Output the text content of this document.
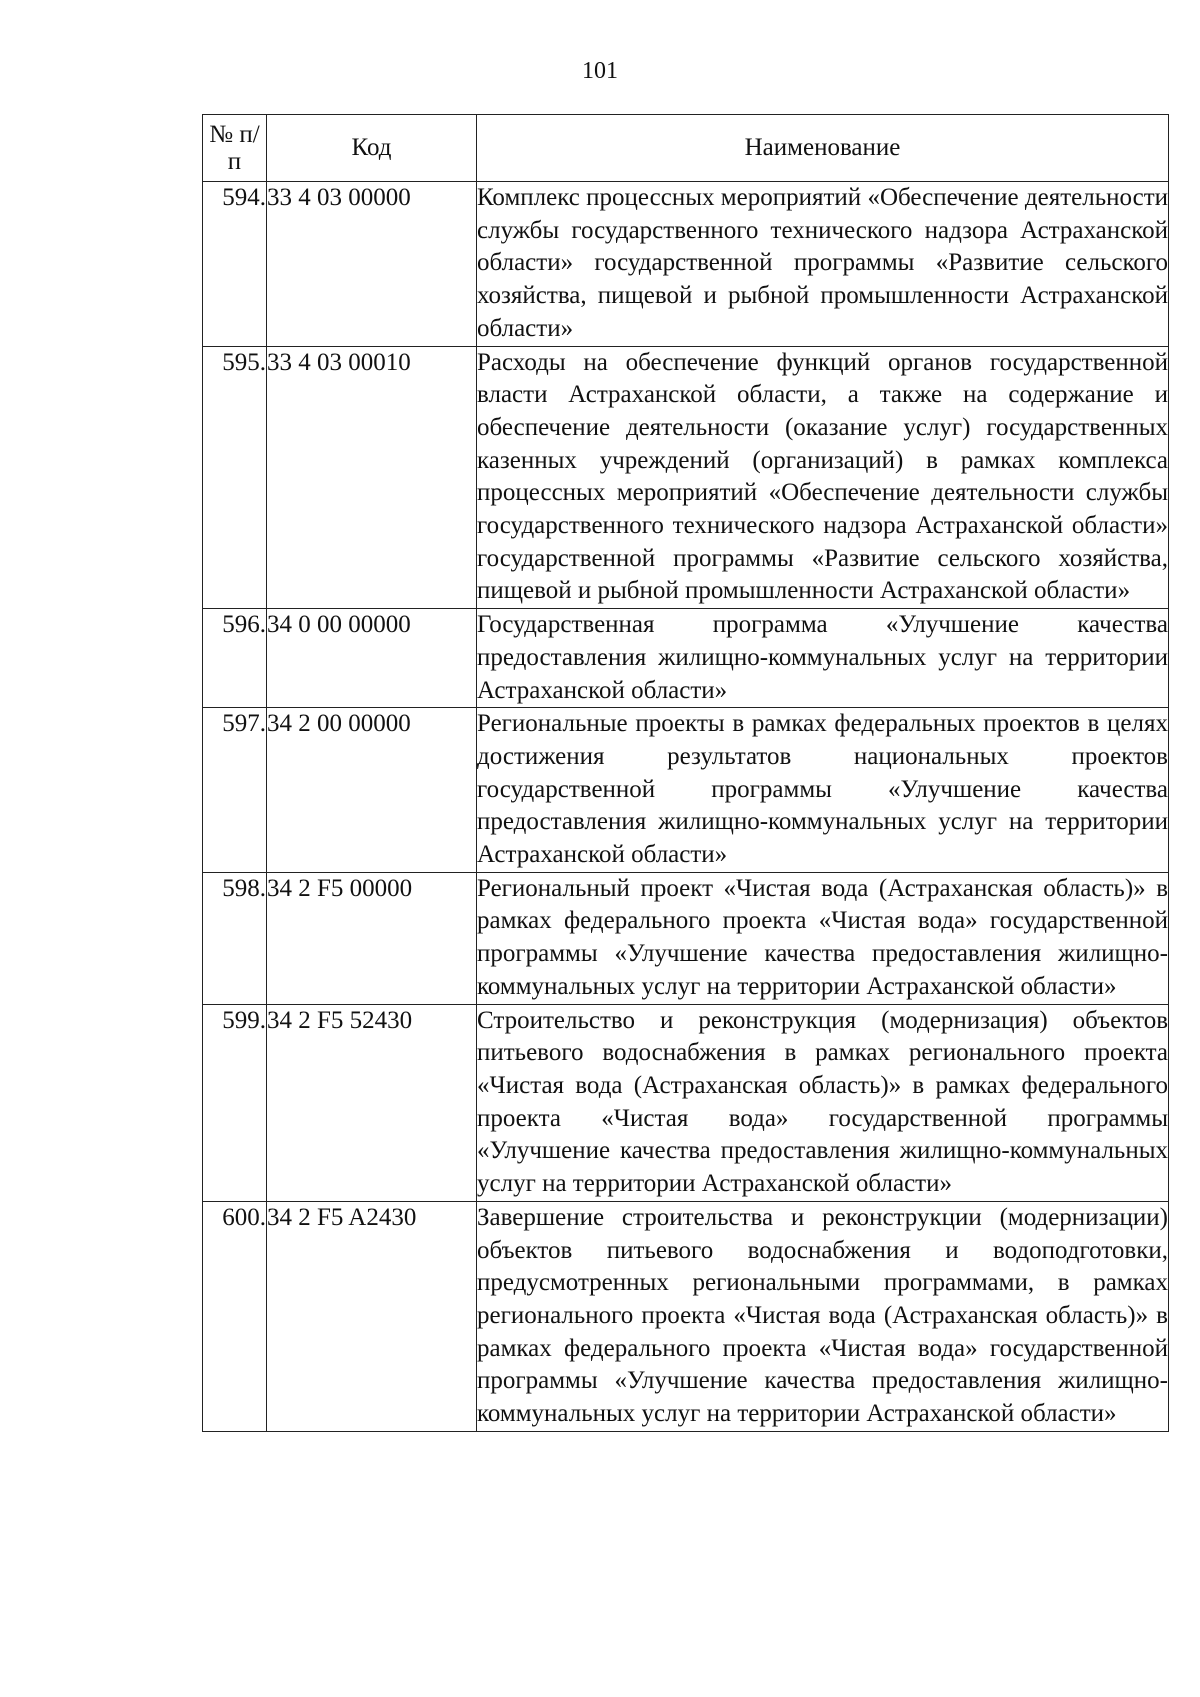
101
№ п/п	Код	Наименование
594.	33 4 03 00000	Комплекс процессных мероприятий «Обеспечение деятельности службы государственного технического надзора Астраханской области» государственной программы «Развитие сельского хозяйства, пищевой и рыбной промышленности Астраханской области»
595.	33 4 03 00010	Расходы на обеспечение функций органов государственной власти Астраханской области, а также на содержание и обеспечение деятельности (оказание услуг) государственных казенных учреждений (организаций) в рамках комплекса процессных мероприятий «Обеспечение деятельности службы государственного технического надзора Астраханской области» государственной программы «Развитие сельского хозяйства, пищевой и рыбной промышленности Астраханской области»
596.	34 0 00 00000	Государственная программа «Улучшение качества предоставления жилищно-коммунальных услуг на территории Астраханской области»
597.	34 2 00 00000	Региональные проекты в рамках федеральных проектов в целях достижения результатов национальных проектов государственной программы «Улучшение качества предоставления жилищно-коммунальных услуг на территории Астраханской области»
598.	34 2 F5 00000	Региональный проект «Чистая вода (Астраханская область)» в рамках федерального проекта «Чистая вода» государственной программы «Улучшение качества предоставления жилищно-коммунальных услуг на территории Астраханской области»
599.	34 2 F5 52430	Строительство и реконструкция (модернизация) объектов питьевого водоснабжения в рамках регионального проекта «Чистая вода (Астраханская область)» в рамках федерального проекта «Чистая вода» государственной программы «Улучшение качества предоставления жилищно-коммунальных услуг на территории Астраханской области»
600.	34 2 F5 A2430	Завершение строительства и реконструкции (модернизации) объектов питьевого водоснабжения и водоподготовки, предусмотренных региональными программами, в рамках регионального проекта «Чистая вода (Астраханская область)» в рамках федерального проекта «Чистая вода» государственной программы «Улучшение качества предоставления жилищно-коммунальных услуг на территории Астраханской области»
